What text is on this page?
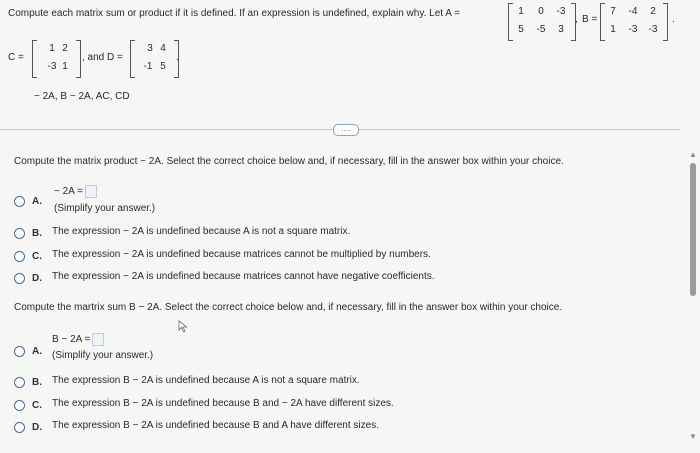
Compute each matrix sum or product if it is defined. If an expression is undefined, explain why. Let A =	1	0	-3
5	-5	3
, B =
7	-4	2
1	-3 -3
.
C =
1 2
-3 1
, and D =
3 4
-1 5
.
− 2A, B − 2A, AC, CD
....
Compute the matrix product − 2A. Select the correct choice below and, if necessary, fill in the answer box within your choice.
A.
− 2A =
(Simplify your answer.)
B. The expression − 2A is undefined because A is not a square matrix.
C. The expression − 2A is undefined because matrices cannot be multiplied by numbers.
D. The expression − 2A is undefined because matrices cannot have negative coefficients.
Compute the martrix sum B − 2A. Select the correct choice below and, if necessary, fill in the answer box within your choice.
A.
B − 2A =
(Simplify your answer.)
B. The expression B − 2A is undefined because A is not a square matrix.
C. The expression B − 2A is undefined because B and − 2A have different sizes.
D. The expression B − 2A is undefined because B and A have different sizes.
▲
▼
